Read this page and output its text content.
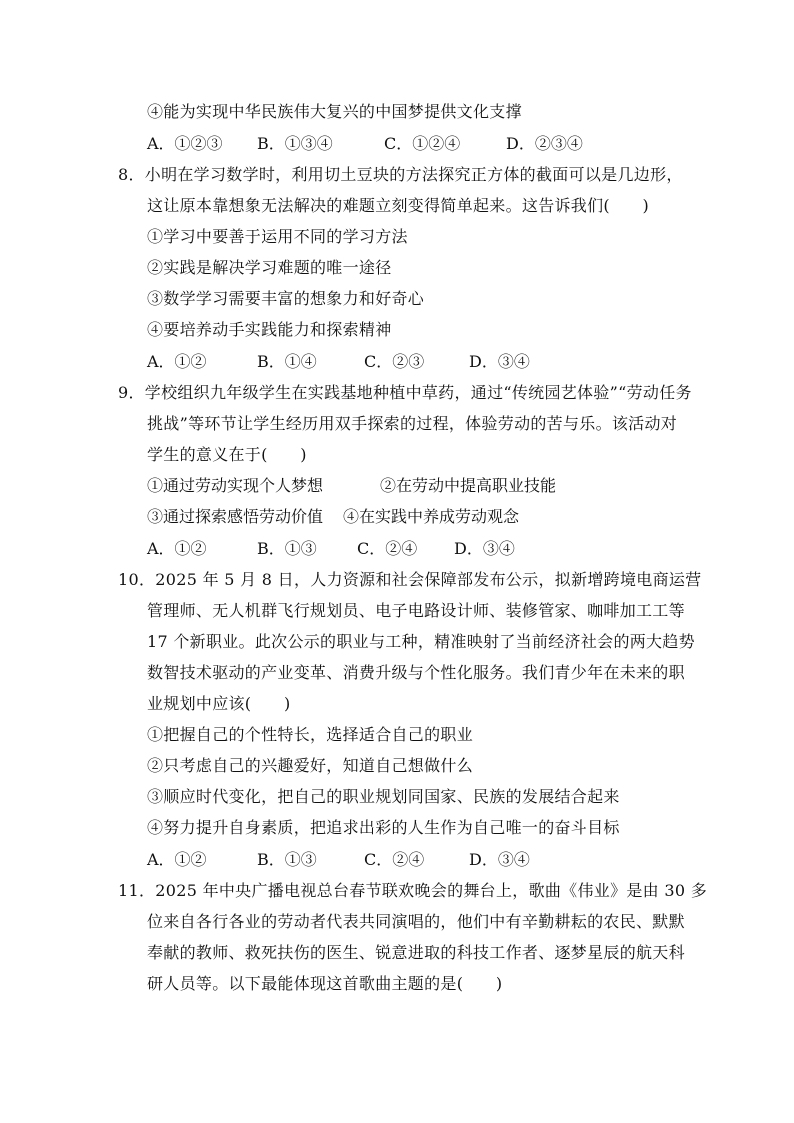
④能为实现中华民族伟大复兴的中国梦提供文化支撑
A．①②③ B．①③④	C．①②④	D．②③④
8．小明在学习数学时，利用切土豆块的方法探究正方体的截面可以是几边形，
这让原本靠想象无法解决的难题立刻变得简单起来。这告诉我们(　　)
①学习中要善于运用不同的学习方法
②实践是解决学习难题的唯一途径
③数学学习需要丰富的想象力和好奇心
④要培养动手实践能力和探索精神
A．①②	B．①④	C．②③	D．③④
9．学校组织九年级学生在实践基地种植中草药，通过“传统园艺体验”“劳动任务
挑战”等环节让学生经历用双手探索的过程，体验劳动的苦与乐。该活动对
学生的意义在于(　　)
①通过劳动实现个人梦想	②在劳动中提高职业技能
③通过探索感悟劳动价值 ④在实践中养成劳动观念
A．①②	B．①③	C．②④ D．③④
10．2025 年 5 月 8 日，人力资源和社会保障部发布公示，拟新增跨境电商运营
管理师、无人机群飞行规划员、电子电路设计师、装修管家、咖啡加工工等
17 个新职业。此次公示的职业与工种，精准映射了当前经济社会的两大趋势
数智技术驱动的产业变革、消费升级与个性化服务。我们青少年在未来的职
业规划中应该(　　)
①把握自己的个性特长，选择适合自己的职业
②只考虑自己的兴趣爱好，知道自己想做什么
③顺应时代变化，把自己的职业规划同国家、民族的发展结合起来
④努力提升自身素质，把追求出彩的人生作为自己唯一的奋斗目标
A．①②	B．①③	C．②④	D．③④
11．2025 年中央广播电视总台春节联欢晚会的舞台上，歌曲《伟业》是由 30 多
位来自各行各业的劳动者代表共同演唱的，他们中有辛勤耕耘的农民、默默
奉献的教师、救死扶伤的医生、锐意进取的科技工作者、逐梦星辰的航天科
研人员等。以下最能体现这首歌曲主题的是(　　)
